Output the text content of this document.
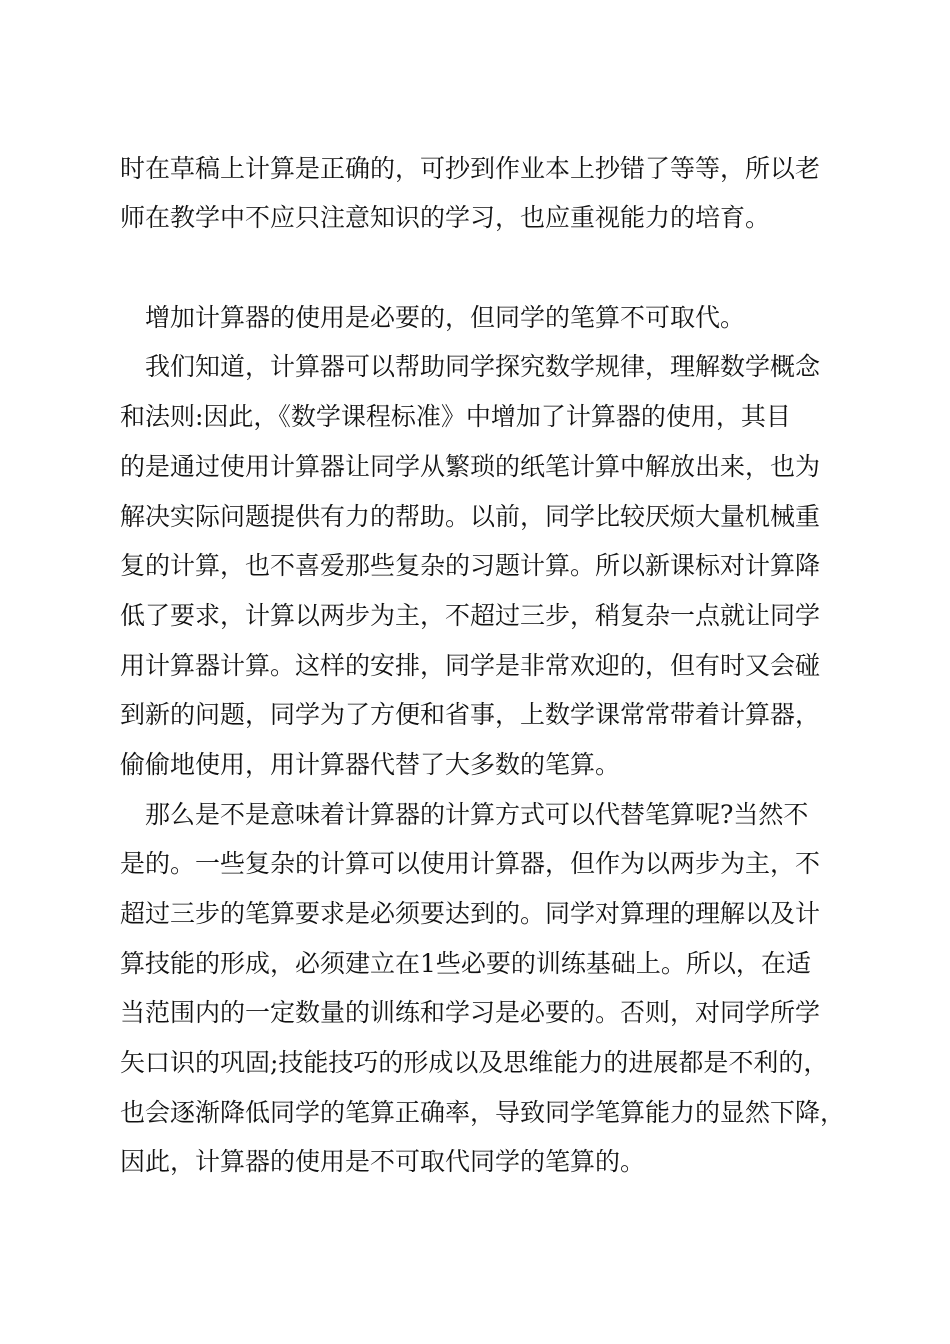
时在草稿上计算是正确的，可抄到作业本上抄错了等等，所以老

师在教学中不应只注意知识的学习，也应重视能力的培育。

增加计算器的使用是必要的，但同学的笔算不可取代。

我们知道，计算器可以帮助同学探究数学规律，理解数学概念

和法则:因此，《数学课程标准》中增加了计算器的使用，其目

的是通过使用计算器让同学从繁琐的纸笔计算中解放出来，也为

解决实际问题提供有力的帮助。以前，同学比较厌烦大量机械重

复的计算，也不喜爱那些复杂的习题计算。所以新课标对计算降

低了要求，计算以两步为主，不超过三步，稍复杂一点就让同学

用计算器计算。这样的安排，同学是非常欢迎的，但有时又会碰

到新的问题，同学为了方便和省事，上数学课常常带着计算器，

偷偷地使用，用计算器代替了大多数的笔算。

那么是不是意味着计算器的计算方式可以代替笔算呢?当然不

是的。一些复杂的计算可以使用计算器，但作为以两步为主，不

超过三步的笔算要求是必须要达到的。同学对算理的理解以及计

算技能的形成，必须建立在1些必要的训练基础上。所以，在适

当范围内的一定数量的训练和学习是必要的。否则，对同学所学

矢口识的巩固;技能技巧的形成以及思维能力的进展都是不利的，

也会逐渐降低同学的笔算正确率，导致同学笔算能力的显然下降，

因此，计算器的使用是不可取代同学的笔算的。
